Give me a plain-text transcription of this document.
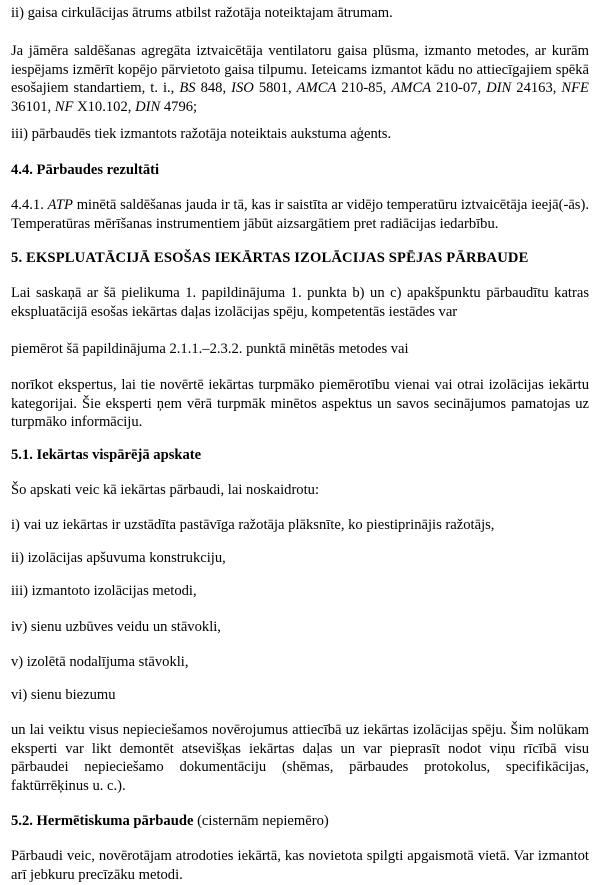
ii) gaisa cirkulācijas ātrums atbilst ražotāja noteiktajam ātrumam.
Ja jāmēra saldēšanas agregāta iztvaicētāja ventilatoru gaisa plūsma, izmanto metodes, ar kurām iespējams izmērīt kopējo pārvietoto gaisa tilpumu. Ieteicams izmantot kādu no attiecīgajiem spēkā esošajiem standartiem, t. i., BS 848, ISO 5801, AMCA 210-85, AMCA 210-07, DIN 24163, NFE 36101, NF X10.102, DIN 4796;
iii) pārbaudēs tiek izmantots ražotāja noteiktais aukstuma aģents.
4.4. Pārbaudes rezultāti
4.4.1. ATP minētā saldēšanas jauda ir tā, kas ir saistīta ar vidējo temperatūru iztvaicētāja ieejā(-ās). Temperatūras mērīšanas instrumentiem jābūt aizsargātiem pret radiācijas iedarbību.
5. EKSPLUATĀCIJĀ ESOŠAS IEKĀRTAS IZOLĀCIJAS SPĒJAS PĀRBAUDE
Lai saskaņā ar šā pielikuma 1. papildinājuma 1. punkta b) un c) apakšpunktu pārbaudītu katras ekspluatācijā esošas iekārtas daļas izolācijas spēju, kompetentās iestādes var
piemērot šā papildinājuma 2.1.1.–2.3.2. punktā minētās metodes vai
norīkot ekspertus, lai tie novērtē iekārtas turpmāko piemērotību vienai vai otrai izolācijas iekārtu kategorijai. Šie eksperti ņem vērā turpmāk minētos aspektus un savos secinājumos pamatojas uz turpmāko informāciju.
5.1. Iekārtas vispārējā apskate
Šo apskati veic kā iekārtas pārbaudi, lai noskaidrotu:
i) vai uz iekārtas ir uzstādīta pastāvīga ražotāja plāksnīte, ko piestiprinājis ražotājs,
ii) izolācijas apšuvuma konstrukciju,
iii) izmantoto izolācijas metodi,
iv) sienu uzbūves veidu un stāvokli,
v) izolētā nodalījuma stāvokli,
vi) sienu biezumu
un lai veiktu visus nepieciešamos novērojumus attiecībā uz iekārtas izolācijas spēju. Šim nolūkam eksperti var likt demontēt atsevišķas iekārtas daļas un var pieprasīt nodot viņu rīcībā visu pārbaudei nepieciešamo dokumentāciju (shēmas, pārbaudes protokolus, specifikācijas, faktūrrēķinus u. c.).
5.2. Hermētiskuma pārbaude (cisternām nepiemēro)
Pārbaudi veic, novērotājam atrodoties iekārtā, kas novietota spilgti apgaismotā vietā. Var izmantot arī jebkuru precīzāku metodi.
